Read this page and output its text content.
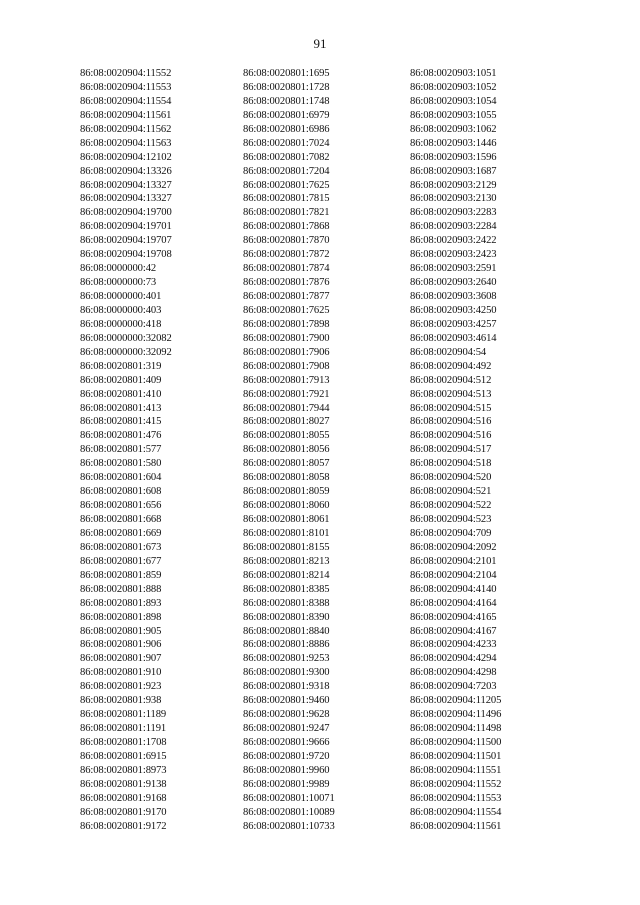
91
86:08:0020904:11552
86:08:0020904:11553
86:08:0020904:11554
86:08:0020904:11561
86:08:0020904:11562
86:08:0020904:11563
86:08:0020904:12102
86:08:0020904:13326
86:08:0020904:13327
86:08:0020904:13327
86:08:0020904:19700
86:08:0020904:19701
86:08:0020904:19707
86:08:0020904:19708
86:08:0000000:42
86:08:0000000:73
86:08:0000000:401
86:08:0000000:403
86:08:0000000:418
86:08:0000000:32082
86:08:0000000:32092
86:08:0020801:319
86:08:0020801:409
86:08:0020801:410
86:08:0020801:413
86:08:0020801:415
86:08:0020801:476
86:08:0020801:577
86:08:0020801:580
86:08:0020801:604
86:08:0020801:608
86:08:0020801:656
86:08:0020801:668
86:08:0020801:669
86:08:0020801:673
86:08:0020801:677
86:08:0020801:859
86:08:0020801:888
86:08:0020801:893
86:08:0020801:898
86:08:0020801:905
86:08:0020801:906
86:08:0020801:907
86:08:0020801:910
86:08:0020801:923
86:08:0020801:938
86:08:0020801:1189
86:08:0020801:1191
86:08:0020801:1708
86:08:0020801:6915
86:08:0020801:8973
86:08:0020801:9138
86:08:0020801:9168
86:08:0020801:9170
86:08:0020801:9172
86:08:0020801:1695
86:08:0020801:1728
86:08:0020801:1748
86:08:0020801:6979
86:08:0020801:6986
86:08:0020801:7024
86:08:0020801:7082
86:08:0020801:7204
86:08:0020801:7625
86:08:0020801:7815
86:08:0020801:7821
86:08:0020801:7868
86:08:0020801:7870
86:08:0020801:7872
86:08:0020801:7874
86:08:0020801:7876
86:08:0020801:7877
86:08:0020801:7625
86:08:0020801:7898
86:08:0020801:7900
86:08:0020801:7906
86:08:0020801:7908
86:08:0020801:7913
86:08:0020801:7921
86:08:0020801:7944
86:08:0020801:8027
86:08:0020801:8055
86:08:0020801:8056
86:08:0020801:8057
86:08:0020801:8058
86:08:0020801:8059
86:08:0020801:8060
86:08:0020801:8061
86:08:0020801:8101
86:08:0020801:8155
86:08:0020801:8213
86:08:0020801:8214
86:08:0020801:8385
86:08:0020801:8388
86:08:0020801:8390
86:08:0020801:8840
86:08:0020801:8886
86:08:0020801:9253
86:08:0020801:9300
86:08:0020801:9318
86:08:0020801:9460
86:08:0020801:9628
86:08:0020801:9247
86:08:0020801:9666
86:08:0020801:9720
86:08:0020801:9960
86:08:0020801:9989
86:08:0020801:10071
86:08:0020801:10089
86:08:0020801:10733
86:08:0020903:1051
86:08:0020903:1052
86:08:0020903:1054
86:08:0020903:1055
86:08:0020903:1062
86:08:0020903:1446
86:08:0020903:1596
86:08:0020903:1687
86:08:0020903:2129
86:08:0020903:2130
86:08:0020903:2283
86:08:0020903:2284
86:08:0020903:2422
86:08:0020903:2423
86:08:0020903:2591
86:08:0020903:2640
86:08:0020903:3608
86:08:0020903:4250
86:08:0020903:4257
86:08:0020903:4614
86:08:0020904:54
86:08:0020904:492
86:08:0020904:512
86:08:0020904:513
86:08:0020904:515
86:08:0020904:516
86:08:0020904:516
86:08:0020904:517
86:08:0020904:518
86:08:0020904:520
86:08:0020904:521
86:08:0020904:522
86:08:0020904:523
86:08:0020904:709
86:08:0020904:2092
86:08:0020904:2101
86:08:0020904:2104
86:08:0020904:4140
86:08:0020904:4164
86:08:0020904:4165
86:08:0020904:4167
86:08:0020904:4233
86:08:0020904:4294
86:08:0020904:4298
86:08:0020904:7203
86:08:0020904:11205
86:08:0020904:11496
86:08:0020904:11498
86:08:0020904:11500
86:08:0020904:11501
86:08:0020904:11551
86:08:0020904:11552
86:08:0020904:11553
86:08:0020904:11554
86:08:0020904:11561
